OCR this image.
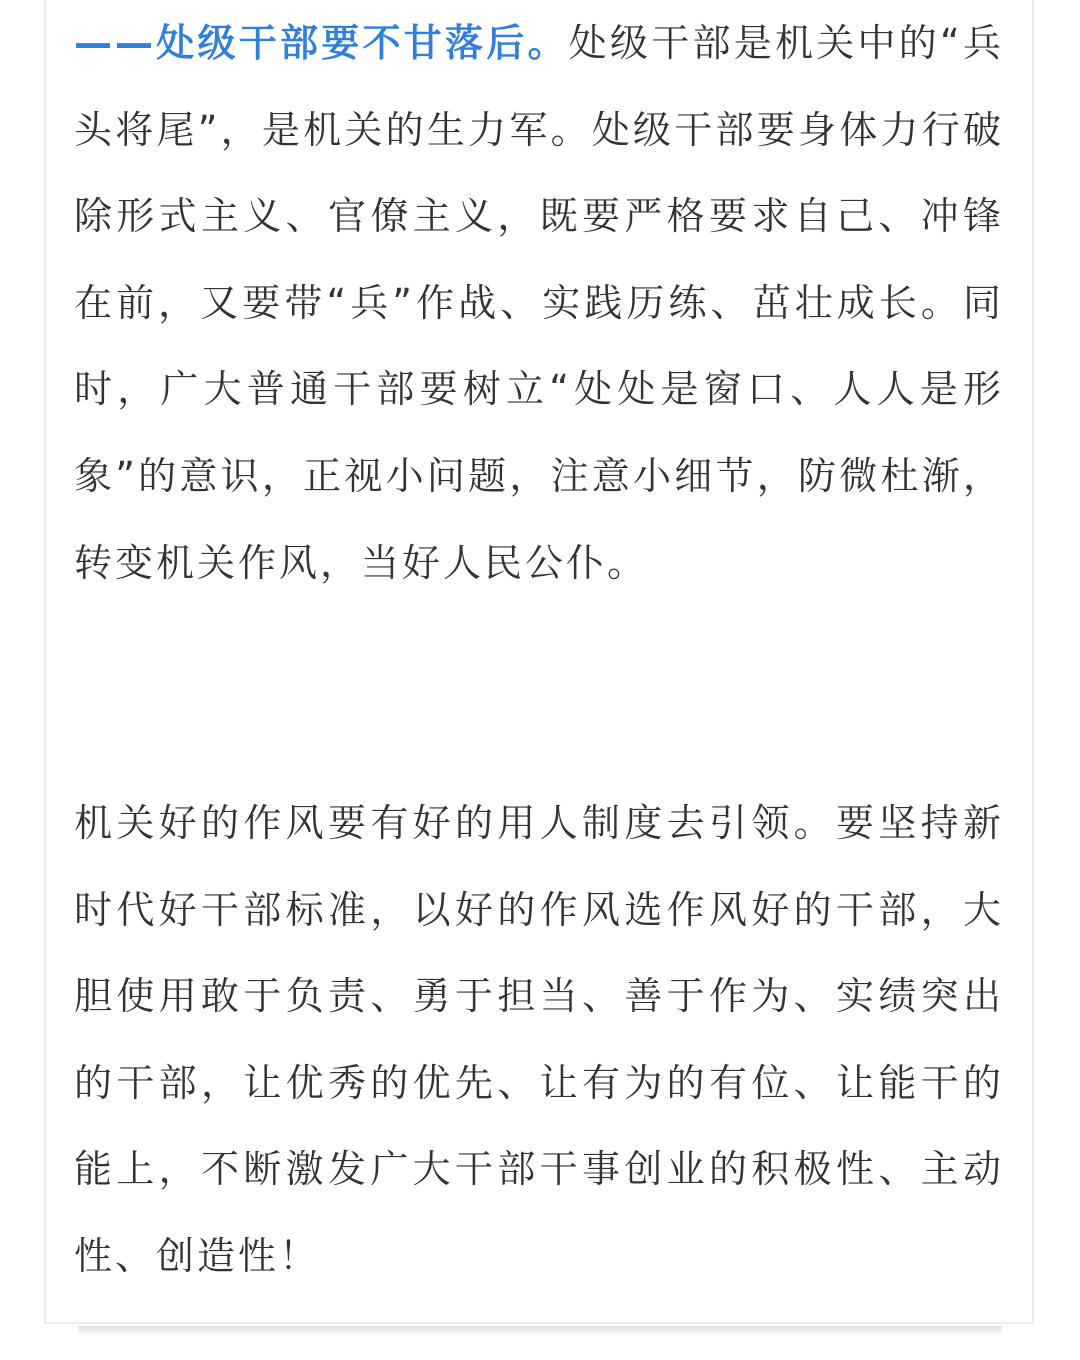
——处级干部要不甘落后。处级干部是机关中的“兵头将尾”，是机关的生力军。处级干部要身体力行破除形式主义、官僚主义，既要严格要求自己、冲锋在前，又要带“兵”作战、实践历练、茁壮成长。同时，广大普通干部要树立“处处是窗口、人人是形象”的意识，正视小问题，注意小细节，防微杜渐，转变机关作风，当好人民公仆。

机关好的作风要有好的用人制度去引领。要坚持新时代好干部标准，以好的作风选作风好的干部，大胆使用敢于负责、勇于担当、善于作为、实绩突出的干部，让优秀的优先、让有为的有位、让能干的能上，不断激发广大干部干事创业的积极性、主动性、创造性！
